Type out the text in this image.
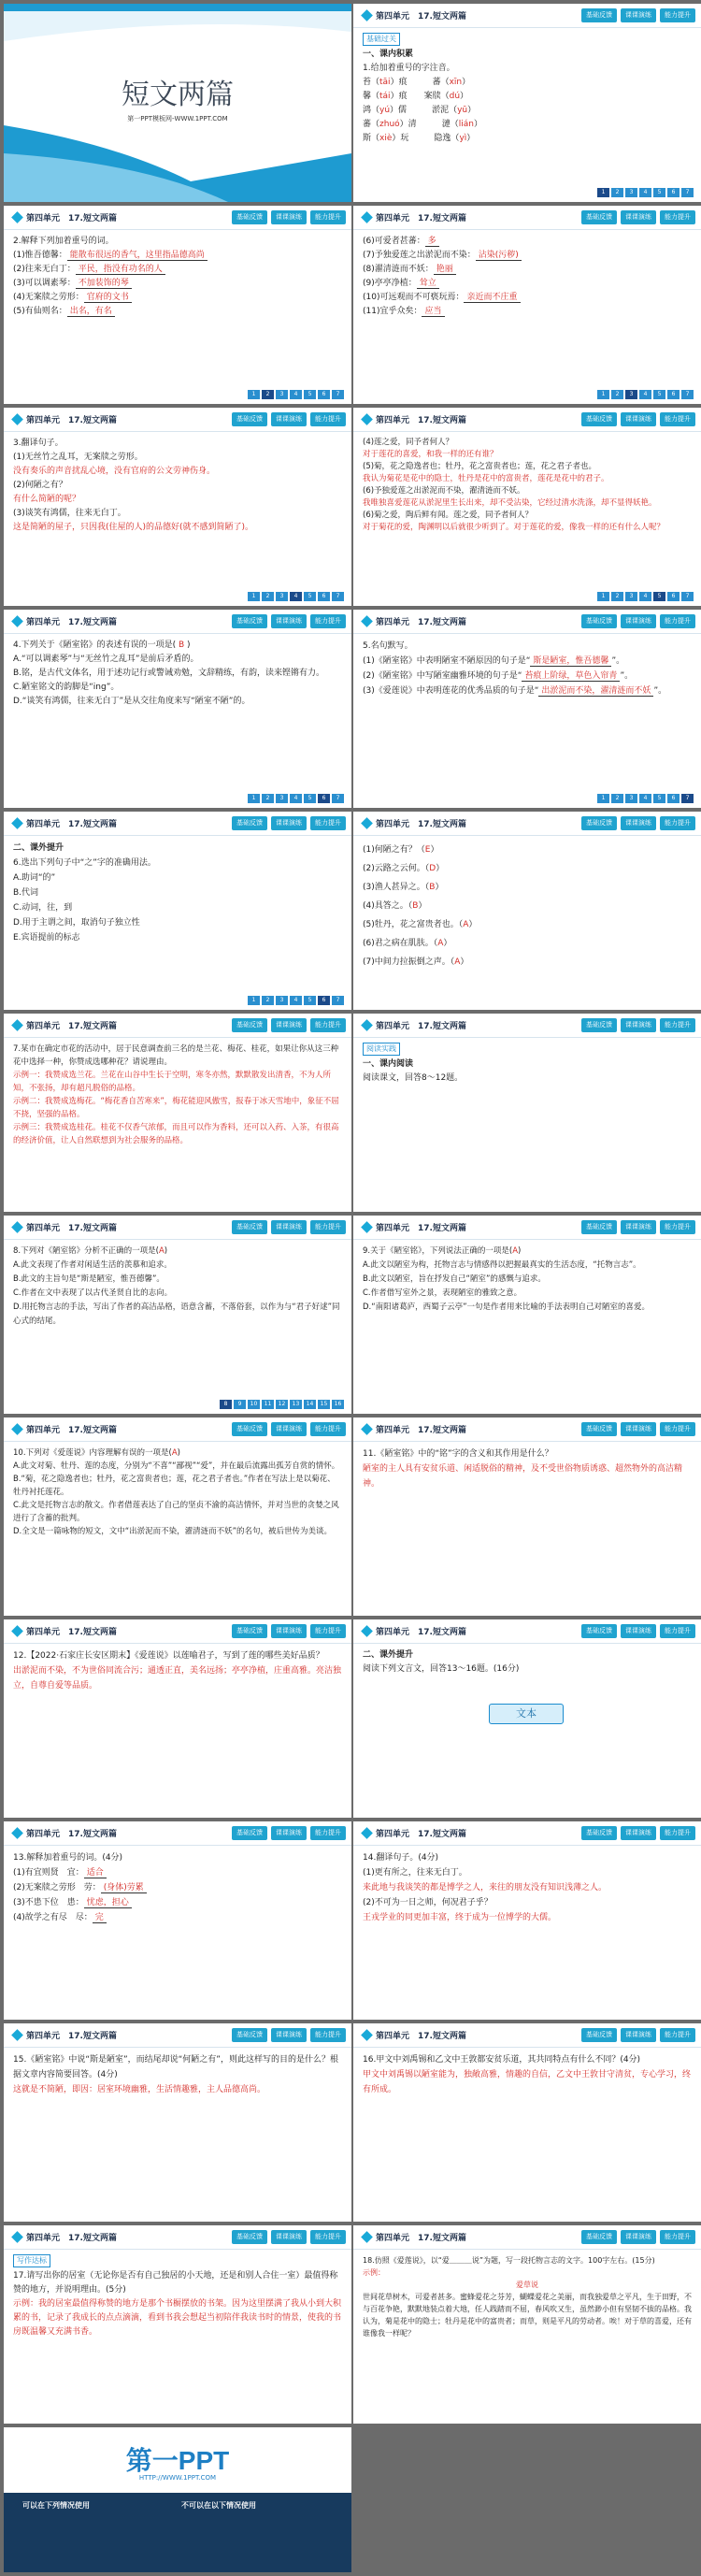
短文两篇
第一PPT模板网-WWW.1PPT.COM
第四单元　 17.短文两篇	基础反馈	课课演练	能力提升
基础过关

一、课内积累

1.给加着重号的字注音。

苔（tāi）痕　　　	蕃（xīn）

馨（tái）痕　　 案牍（dú）

鸿（yú）儒　　　	淤泥（yū）

蕃（zhuó）清　　　	漣（lián）

斯（xiè）玩　　　	隐逸（yì）

1	2	3	4	5	6	7
第四单元　 17.短文两篇	基础反馈	课课演练	能力提升

2.解释下列加着重号的词。

(1)惟吾德馨： 能散布很远的香气，这里指品德高尚

(2)往来无白丁： 平民，指没有功名的人

(3)可以调素琴： 不加装饰的琴

(4)无案牍之劳形： 官府的文书

(5)有仙则名： 出名，有名

1	2	3	4	5	6	7
第四单元　 17.短文两篇	基础反馈	课课演练	能力提升

(6)可爱者甚蕃： 多

(7)予独爱莲之出淤泥而不染： 沾染(污秽)

(8)濯清涟而不妖： 艳丽

(9)亭亭净植： 耸立

(10)可远观而不可亵玩焉： 亲近而不庄重

(11)宜乎众矣： 应当

1	2	3	4	5	6	7
第四单元　 17.短文两篇	基础反馈	课课演练	能力提升

3.翻译句子。

(1)无丝竹之乱耳，无案牍之劳形。

没有奏乐的声音扰乱心境，没有官府的公文劳神伤身。

(2)何陋之有？

有什么简陋的呢？

(3)谈笑有鸿儒，往来无白丁。

这是简陋的屋子，只因我(住屋的人)的品德好(就不感到简陋了)。

1	2	3	4	5	6	7
第四单元　 17.短文两篇	基础反馈	课课演练	能力提升

(4)莲之爱，同予者何人？

对于莲花的喜爱，和我一样的还有谁？

(5)菊，花之隐逸者也；牡丹，花之富贵者也；莲，花之君子者也。

我认为菊花是花中的隐士，牡丹是花中的富贵者，莲花是花中的君子。

(6)予独爱莲之出淤泥而不染，濯清涟而不妖。

我唯独喜爱莲花从淤泥里生长出来，却不受沾染，它经过清水洗涤，却不显得妖艳。

(6)菊之爱，陶后鲜有闻。莲之爱，同予者何人？

对于菊花的爱，陶渊明以后就很少听到了。对于莲花的爱，像我一样的还有什么人呢？

1	2	3	4	5	6	7
第四单元　 17.短文两篇	基础反馈	课课演练	能力提升

4.下列关于《陋室铭》的表述有误的一项是( B )

A.“可以调素琴”与“无丝竹之乱耳”是前后矛盾的。

B.铭，是古代文体名，用于述功记行或警诫劝勉，文辞精练，有韵，读来铿锵有力。

C.陋室铭文的韵脚是“ing”。

D.“谈笑有鸿儒，往来无白丁”是从交往角度来写“陋室不陋”的。

1	2	3	4	5	6	7
第四单元　 17.短文两篇	基础反馈	课课演练	能力提升

5.名句默写。

(1)《陋室铭》中表明陋室不陋原因的句子是“ 斯是陋室，惟吾德馨 ”。

(2)《陋室铭》中写陋室幽雅环境的句子是“ 苔痕上阶绿，草色入帘青 ”。

(3)《爱莲说》中表明莲花的优秀品质的句子是“ 出淤泥而不染，濯清涟而不妖 ”。

1	2	3	4	5	6	7
第四单元　 17.短文两篇	基础反馈	课课演练	能力提升

二、课外提升

6.选出下列句子中“之”字的准确用法。

A.助词“的”

B.代词

C.动词，往，到

D.用于主谓之间，取消句子独立性

E.宾语提前的标志

1	2	3	4	5	6	7
第四单元　 17.短文两篇	基础反馈	课课演练	能力提升

(1)何陋之有？（E）

(2)云路之云何。（D）

(3)渔人甚异之。（B）

(4)具答之。（B）

(5)牡丹，花之富贵者也。（A）

(6)君之病在肌肤。（A）

(7)中间力拉振倒之声。（A）

第四单元　 17.短文两篇	基础反馈	课课演练	能力提升

7.某市在确定市花的活动中，居于民意调查前三名的是兰花、梅花、桂花，如果让你从这三种花中选择一种，你赞成选哪种花？请说理由。

示例一：我赞成选兰花。兰花在山谷中生长于空明，寒冬亦然，默默散发出清香，不为人所知，不张扬，却有超凡脱俗的品格。

示例二：我赞成选梅花。“梅花香自苦寒来”，梅花能迎风傲雪，报春于冰天雪地中，象征不屈不挠，坚强的品格。

示例三：我赞成选桂花。桂花不仅香气浓郁，而且可以作为香料，还可以入药、入茶，有很高的经济价值，让人自然联想到为社会服务的品格。

第四单元　 17.短文两篇	基础反馈	课课演练	能力提升
阅读实践

一、课内阅读

阅读课文，回答8～12题。

第四单元　 17.短文两篇	基础反馈	课课演练	能力提升

8.下列对《陋室铭》分析不正确的一项是(A)

A.此文表现了作者对闲适生活的羡慕和追求。

B.此文的主旨句是“斯是陋室，惟吾德馨”。

C.作者在文中表现了以古代圣贤自比的志向。

D.用托物言志的手法，写出了作者的高洁品格，语意含蓄，不落俗套，以作为与“君子好逑”同心式的结尾。

8	9	10	11	12	13	14	15	16
第四单元　 17.短文两篇	基础反馈	课课演练	能力提升

9.关于《陋室铭》，下列说法正确的一项是(A)

A.此文以陋室为构，托物言志与情感得以把握最真实的生活态度，“托物言志”。

B.此文以陋室，旨在抒发自己“陋室”的感慨与追求。

C.作者借写室外之景，表现陋室的雅致之意。

D.“南阳诸葛庐，西蜀子云亭”一句是作者用来比喻的手法表明自己对陋室的喜爱。

第四单元　 17.短文两篇	基础反馈	课课演练	能力提升

10.下列对《爱莲说》内容理解有误的一项是(A)

A.此文对菊、牡丹、莲的态度，分别为“不喜”“鄙视”“爱”，并在最后流露出孤芳自赏的情怀。

B.“菊，花之隐逸者也；牡丹，花之富贵者也；莲，花之君子者也。”作者在写法上是以菊花、牡丹衬托莲花。

C.此文是托物言志的散文。作者借莲表达了自己的坚贞不渝的高洁情怀，并对当世的贪婪之风进行了含蓄的批判。

D.全文是一篇咏物的短文，文中“出淤泥而不染，濯清涟而不妖”的名句，被后世传为美谈。

第四单元　 17.短文两篇	基础反馈	课课演练	能力提升

11.《陋室铭》中的“铭”字的含义和其作用是什么？

陋室的主人具有安贫乐道、闲适脱俗的精神，及不受世俗物质诱惑、超然物外的高洁精神。

第四单元　 17.短文两篇	基础反馈	课课演练	能力提升

12.【2022·石家庄长安区期末】《爱莲说》以莲喻君子，写到了莲的哪些美好品质？

出淤泥而不染，不为世俗同流合污；通透正直，美名远扬；亭亭净植，庄重高雅。亮洁独立，自尊自爱等品质。

第四单元　 17.短文两篇	基础反馈	课课演练	能力提升

二、课外提升

阅读下列文言文，回答13～16题。(16分)

文本
第四单元　 17.短文两篇	基础反馈	课课演练	能力提升

13.解释加着重号的词。(4分)

(1)有宜则贤　 宜： 适合

(2)无案牍之劳形　 劳： (身体)劳累

(3)不患下位　 患： 忧虑，担心

(4)故学之有尽　 尽： 完

第四单元　 17.短文两篇	基础反馈	课课演练	能力提升

14.翻译句子。(4分)

(1)更有所之，往来无白丁。

来此地与我谈笑的都是博学之人，来往的朋友没有知识浅薄之人。

(2)不可为一日之师，何况君子乎？

王戎学业的同更加丰富，终于成为一位博学的大儒。

第四单元　 17.短文两篇	基础反馈	课课演练	能力提升

15.《陋室铭》中说“斯是陋室”，而结尾却说“何陋之有”，则此这样写的目的是什么？根据文章内容简要回答。(4分)

这就是不简陋，即因：居室环境幽雅，生活情趣雅，主人品德高尚。

第四单元　 17.短文两篇	基础反馈	课课演练	能力提升

16.甲文中刘禹锡和乙文中王敦都安贫乐道，其共同特点有什么不同？(4分)

甲文中刘禹锡以陋室能为，独敞高雅，情趣的自信，乙文中王敦甘守清贫，专心学习，终有所成。

第四单元　 17.短文两篇	基础反馈	课课演练	能力提升
写作达标

17.请写出你的居室（无论你是否有自己独居的小天地，还是和别人合住一室）最值得称赞的地方，并说明理由。(5分)

示例：我的居室最值得称赞的地方是那个书橱摆放的书架。因为这里摆满了我从小到大积累的书，记录了我成长的点点滴滴，看到书我会想起当初陪伴我读书时的情景，使我的书房既温馨又充满书香。

第四单元　 17.短文两篇	基础反馈	课课演练	能力提升

18.仿照《爱莲说》，以“爱＿＿＿说”为题，写一段托物言志的文字。100字左右。(15分)

示例：

爱草说

世间花草树木，可爱者甚多。蜜蜂爱花之芬芳，蝴蝶爱花之美丽，而我独爱草之平凡，生于田野，不与百花争艳，默默地装点着大地，任人践踏而不屈，春风吹又生，虽然渺小但有坚韧不拔的品格。我认为，菊是花中的隐士；牡丹是花中的富贵者；而草，则是平凡的劳动者。唉！对于草的喜爱，还有谁像我一样呢？

第一PPT
HTTP://WWW.1PPT.COM
可以在下列情况使用	不可以在以下情况使用
